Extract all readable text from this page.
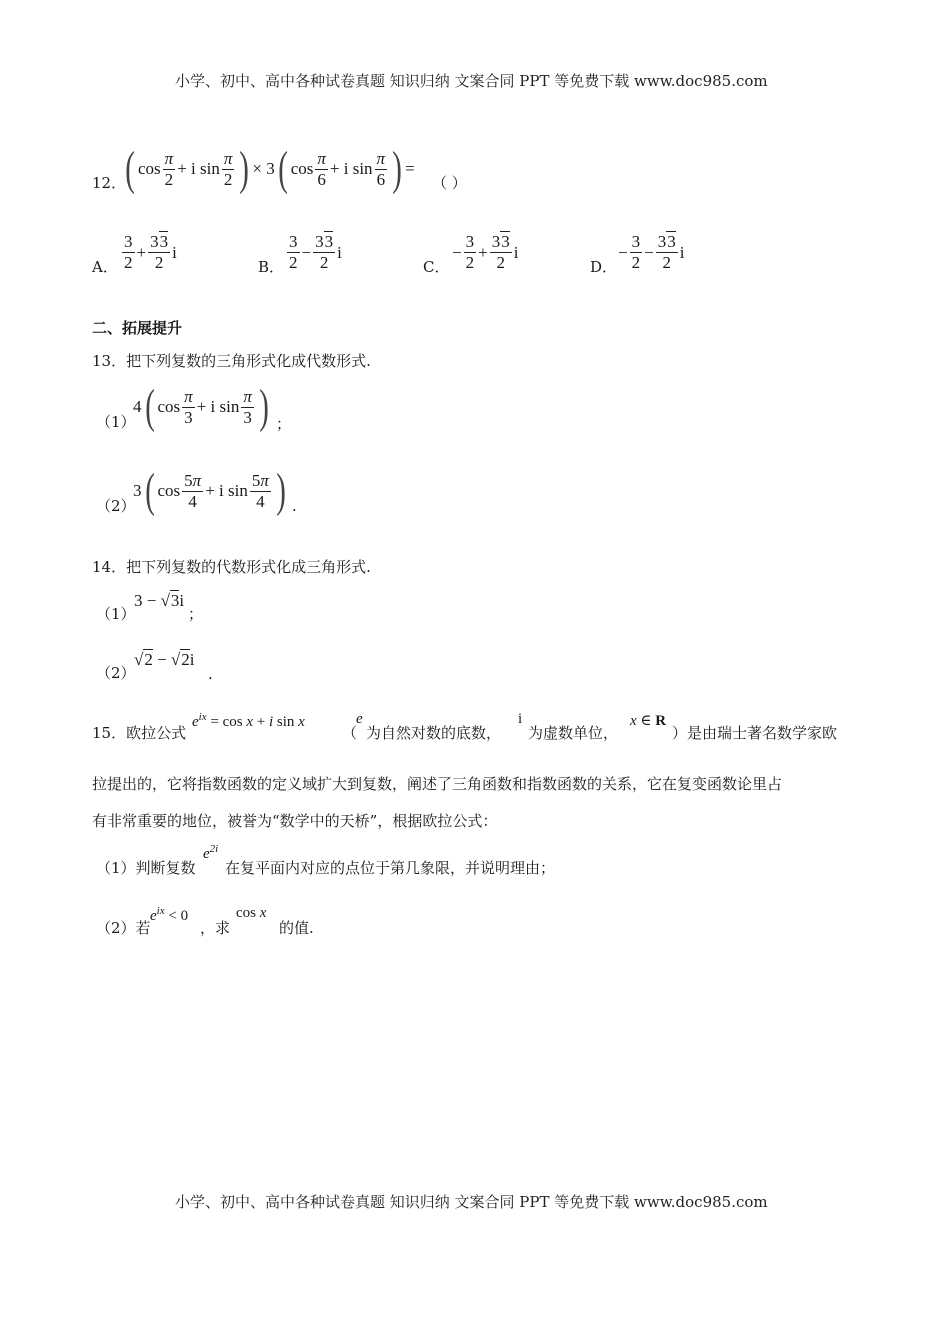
小学、初中、高中各种试卷真题 知识归纳 文案合同 PPT 等免费下载 www.doc985.com
12． ( $\cos \frac{\pi}{2} + i$ $\sin \frac{\pi}{2}$ ) × 3 ( $\cos \frac{\pi}{6} + i$ $\sin \frac{\pi}{6}$ ) =
（ ）
A． $\frac{3}{2} + \frac{33}{2}$ i
B． $\frac{3}{2} - \frac{33}{2}$ i
C．
− $\frac{3}{2} + \frac{33}{2}$ i
D．
− $\frac{3}{2} - \frac{33}{2}$ i
二、拓展提升
13．把下列复数的三角形式化成代数形式.
（1）
4 ( $\cos \frac{\pi}{3} + i$ $\sin \frac{\pi}{3}$ ) ；
（2）
3 ( $\cos \frac{5\pi}{4} + i$ $\sin \frac{5\pi}{4}$ ) .
14．把下列复数的代数形式化成三角形式.
（1）
3 − √3i
；
（2）
√2 − √2i
.
15．欧拉公式
$e^{ix} = \cos x + i$ sin x
（
e
为自然对数的底数，
i
为虚数单位，
x ∈ R
）是由瑞士著名数学家欧
拉提出的，它将指数函数的定义域扩大到复数，阐述了三角函数和指数函数的关系，它在复变函数论里占
有非常重要的地位，被誉为“数学中的天桥”，根据欧拉公式：
（1）判断复数
$e^{2i}$
在复平面内对应的点位于第几象限，并说明理由；
（2）若
$e^{ix} < 0$
，求
cos x
的值.
小学、初中、高中各种试卷真题 知识归纳 文案合同 PPT 等免费下载 www.doc985.com
